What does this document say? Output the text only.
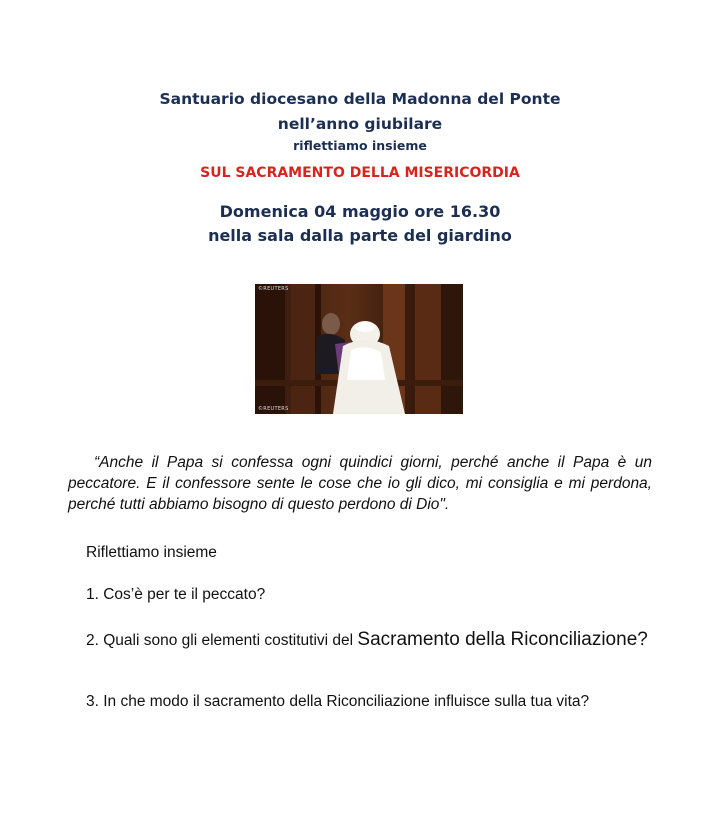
Santuario diocesano della Madonna del Ponte
nell’anno giubilare
riflettiamo insieme
SUL SACRAMENTO DELLA MISERICORDIA
Domenica 04 maggio ore 16.30
nella sala dalla parte del giardino
©REUTERS
©REUTERS
“Anche il Papa si confessa ogni quindici giorni, perché anche il Papa è un peccatore. E il confessore sente le cose che io gli dico, mi consiglia e mi perdona, perché tutti abbiamo bisogno di questo perdono di Dio".
Riflettiamo insieme
1. Cos’è per te il peccato?
2. Quali sono gli elementi costitutivi del Sacramento della Riconciliazione?
3. In che modo il sacramento della Riconciliazione influisce sulla tua vita?
